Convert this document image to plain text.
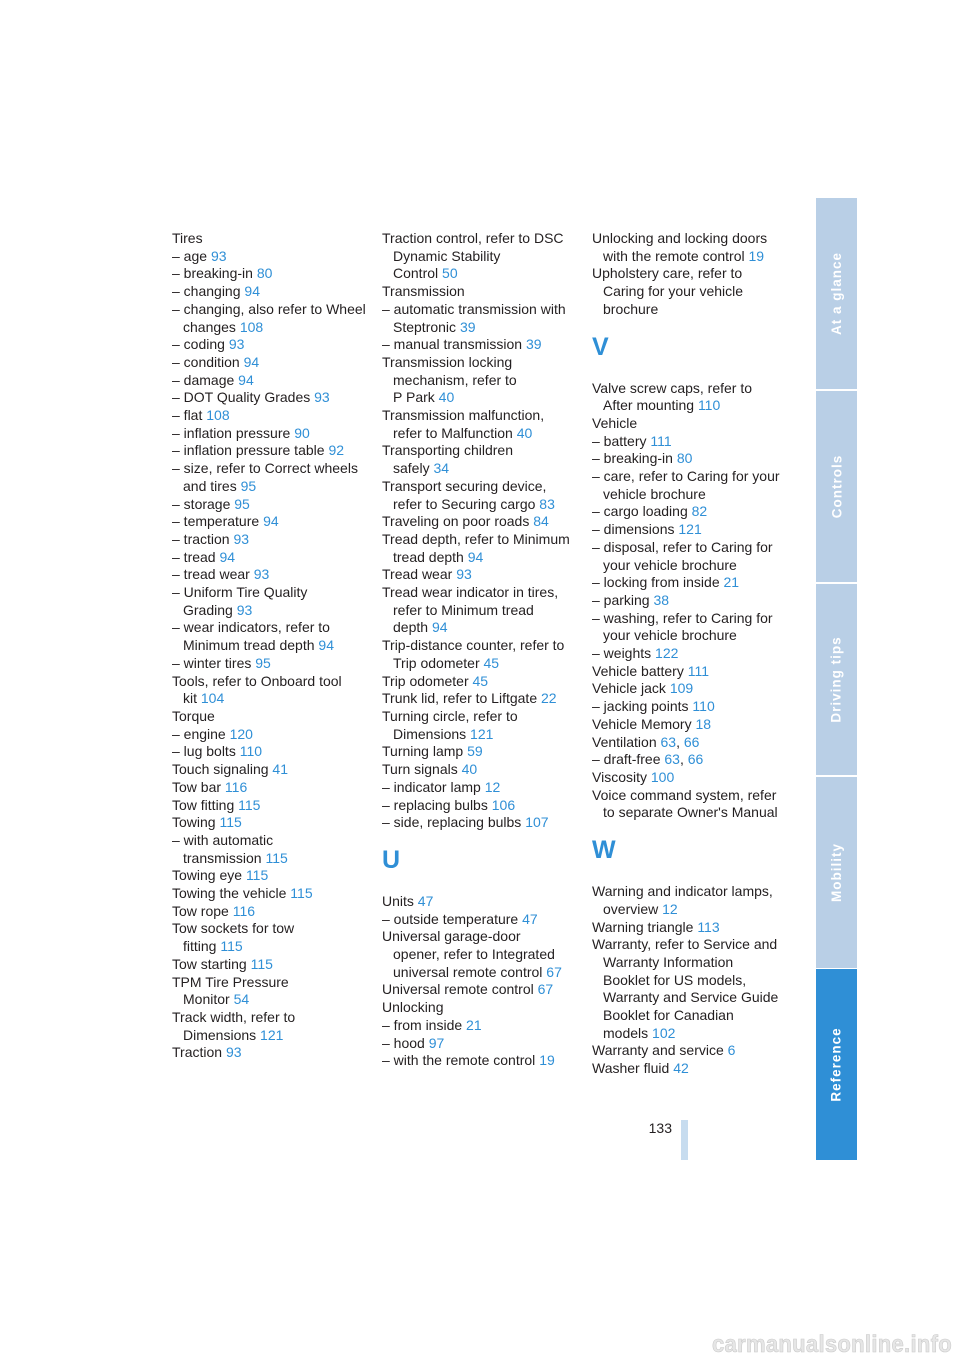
Tires
– age 93
– breaking-in 80
– changing 94
– changing, also refer to Wheel
changes 108
– coding 93
– condition 94
– damage 94
– DOT Quality Grades 93
– flat 108
– inflation pressure 90
– inflation pressure table 92
– size, refer to Correct wheels
and tires 95
– storage 95
– temperature 94
– traction 93
– tread 94
– tread wear 93
– Uniform Tire Quality
Grading 93
– wear indicators, refer to
Minimum tread depth 94
– winter tires 95
Tools, refer to Onboard tool
kit 104
Torque
– engine 120
– lug bolts 110
Touch signaling 41
Tow bar 116
Tow fitting 115
Towing 115
– with automatic
transmission 115
Towing eye 115
Towing the vehicle 115
Tow rope 116
Tow sockets for tow
fitting 115
Tow starting 115
TPM Tire Pressure
Monitor 54
Track width, refer to
Dimensions 121
Traction 93
Traction control, refer to DSC
Dynamic Stability
Control 50
Transmission
– automatic transmission with
Steptronic 39
– manual transmission 39
Transmission locking
mechanism, refer to
P Park 40
Transmission malfunction,
refer to Malfunction 40
Transporting children
safely 34
Transport securing device,
refer to Securing cargo 83
Traveling on poor roads 84
Tread depth, refer to Minimum
tread depth 94
Tread wear 93
Tread wear indicator in tires,
refer to Minimum tread
depth 94
Trip-distance counter, refer to
Trip odometer 45
Trip odometer 45
Trunk lid, refer to Liftgate 22
Turning circle, refer to
Dimensions 121
Turning lamp 59
Turn signals 40
– indicator lamp 12
– replacing bulbs 106
– side, replacing bulbs 107
U
Units 47
– outside temperature 47
Universal garage-door
opener, refer to Integrated
universal remote control 67
Universal remote control 67
Unlocking
– from inside 21
– hood 97
– with the remote control 19
Unlocking and locking doors
with the remote control 19
Upholstery care, refer to
Caring for your vehicle
brochure
V
Valve screw caps, refer to
After mounting 110
Vehicle
– battery 111
– breaking-in 80
– care, refer to Caring for your
vehicle brochure
– cargo loading 82
– dimensions 121
– disposal, refer to Caring for
your vehicle brochure
– locking from inside 21
– parking 38
– washing, refer to Caring for
your vehicle brochure
– weights 122
Vehicle battery 111
Vehicle jack 109
– jacking points 110
Vehicle Memory 18
Ventilation 63, 66
– draft-free 63, 66
Viscosity 100
Voice command system, refer
to separate Owner's Manual
W
Warning and indicator lamps,
overview 12
Warning triangle 113
Warranty, refer to Service and
Warranty Information
Booklet for US models,
Warranty and Service Guide
Booklet for Canadian
models 102
Warranty and service 6
Washer fluid 42
At a glance
Controls
Driving tips
Mobility
Reference
133
carmanualsonline.info
